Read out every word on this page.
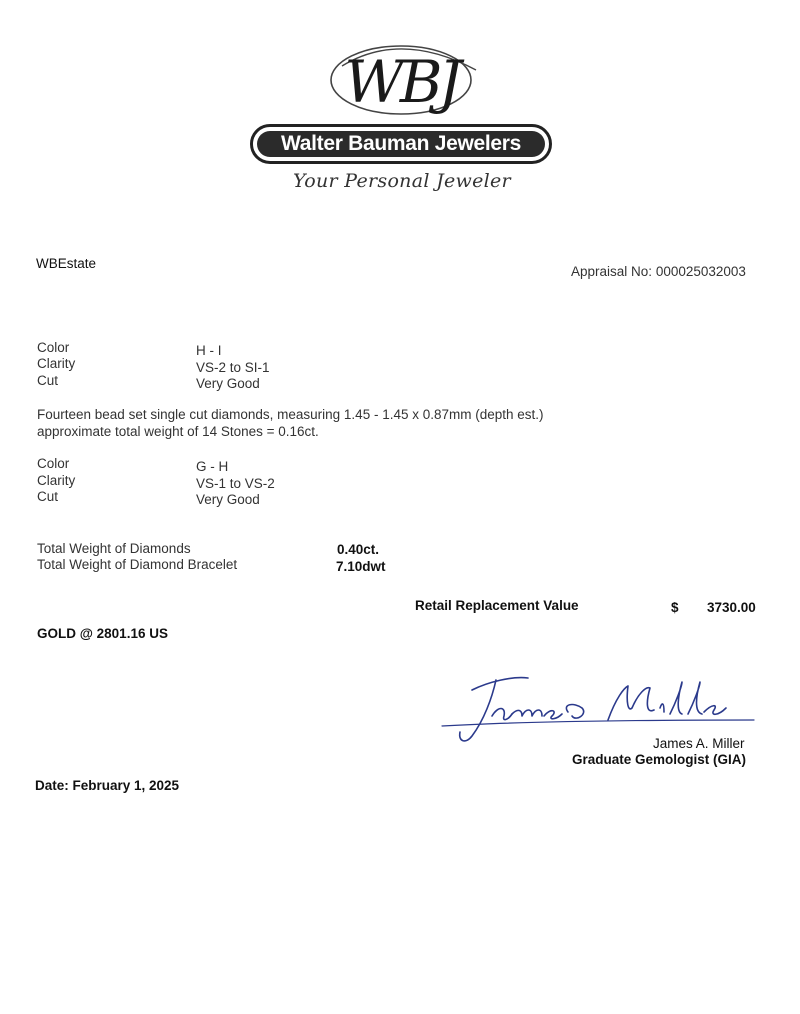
WBJ
Walter Bauman Jewelers
Your Personal Jeweler
WBEstate
Appraisal No: 000025032003
Color	H - I
Clarity	VS-2 to SI-1
Cut	Very Good
Fourteen bead set single cut diamonds, measuring 1.45 - 1.45 x 0.87mm (depth est.)
approximate total weight of 14 Stones = 0.16ct.
Color	G - H
Clarity	VS-1 to VS-2
Cut	Very Good
Total Weight of Diamonds	0.40ct.
Total Weight of Diamond Bracelet	7.10dwt
Retail Replacement Value	$ 3730.00
GOLD @ 2801.16 US
James A. Miller
Graduate Gemologist (GIA)
Date: February 1, 2025
